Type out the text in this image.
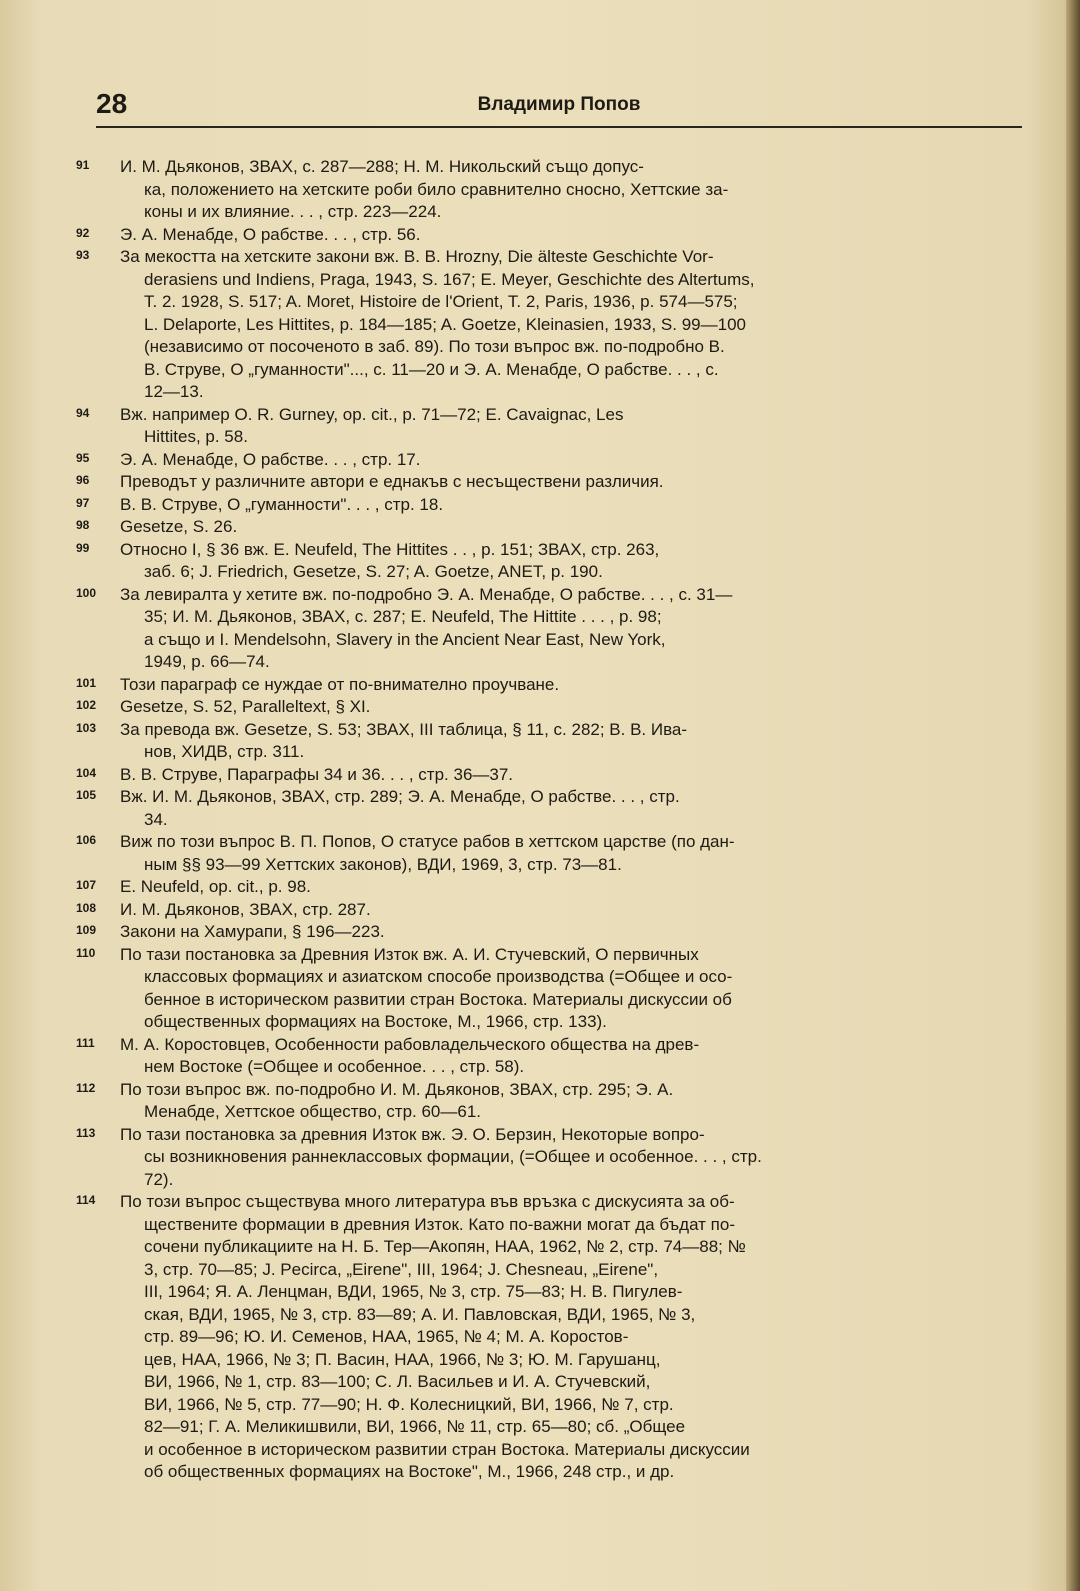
28	Владимир Попов
91	И. М. Дьяконов, ЗВАХ, с. 287—288; Н. М. Никольский също допус-
ка, положението на хетските роби било сравнително сносно, Хеттские за-
коны и их влияние. . . , стр. 223—224.
92	Э. А. Менабде, О рабстве. . . , стр. 56.
93	За мекостта на хетските закони вж. В. В. Hrozny, Die älteste Geschichte Vor-
derasiens und Indiens, Praga, 1943, S. 167; E. Meyer, Geschichte des Altertums,
T. 2. 1928, S. 517; A. Moret, Histoire de l'Orient, T. 2, Paris, 1936, p. 574—575;
L. Delaporte, Les Hittites, p. 184—185; A. Goetze, Kleinasien, 1933, S. 99—100
(независимо от посоченото в заб. 89). По този въпрос вж. по-подробно В.
В. Струве, О „гуманности"..., с. 11—20 и Э. А. Менабде, О рабстве. . . , с.
12—13.
94	Вж. например O. R. Gurney, op. cit., p. 71—72; E. Cavaignac, Les
Hittites, p. 58.
95	Э. А. Менабде, О рабстве. . . , стр. 17.
96	Преводът у различните автори е еднакъв с несъществени различия.
97	В. В. Струве, О „гуманности". . . , стр. 18.
98	Gesetze, S. 26.
99	Относно I, § 36 вж. E. Neufeld, The Hittites . . , p. 151; ЗВАХ, стр. 263,
заб. 6; J. Friedrich, Gesetze, S. 27; A. Goetze, ANET, p. 190.
100	За левиралта у хетите вж. по-подробно Э. А. Менабде, О рабстве. . . , с. 31—
35; И. М. Дьяконов, ЗВАХ, с. 287; E. Neufeld, The Hittite . . . , p. 98;
а също и I. Mendelsohn, Slavery in the Ancient Near East, New York,
1949, p. 66—74.
101	Този параграф се нуждае от по-внимателно проучване.
102	Gesetze, S. 52, Paralleltext, § XI.
103	За превода вж. Gesetze, S. 53; ЗВАХ, III таблица, § 11, с. 282; В. В. Ива-
нов, ХИДВ, стр. 311.
104	В. В. Струве, Параграфы 34 и 36. . . , стр. 36—37.
105	Вж. И. М. Дьяконов, ЗВАХ, стр. 289; Э. А. Менабде, О рабстве. . . , стр.
34.
106	Виж по този въпрос В. П. Попов, О статусе рабов в хеттском царстве (по дан-
ным §§ 93—99 Хеттских законов), ВДИ, 1969, 3, стр. 73—81.
107	E. Neufeld, op. cit., p. 98.
108	И. М. Дьяконов, ЗВАХ, стр. 287.
109	Закони на Хамурапи, § 196—223.
110	По тази постановка за Древния Изток вж. А. И. Стучевский, О первичных
классовых формациях и азиатском способе производства (=Общее и осо-
бенное в историческом развитии стран Востока. Материалы дискуссии об
общественных формациях на Востоке, М., 1966, стр. 133).
111	М. А. Коростовцев, Особенности рабовладельческого общества на древ-
нем Востоке (=Общее и особенное. . . , стр. 58).
112	По този въпрос вж. по-подробно И. М. Дьяконов, ЗВАХ, стр. 295; Э. А.
Менабде, Хеттское общество, стр. 60—61.
113	По тази постановка за древния Изток вж. Э. О. Берзин, Некоторые вопро-
сы возникновения раннеклассовых формации, (=Общее и особенное. . . , стр.
72).
114	По този въпрос съществува много литература във връзка с дискусията за об-
ществените формации в древния Изток. Като по-важни могат да бъдат по-
сочени публикациите на Н. Б. Тер—Акопян, НАА, 1962, № 2, стр. 74—88; №
3, стр. 70—85; J. Pecirca, „Eirene", III, 1964; J. Chesneau, „Eirene",
III, 1964; Я. А. Ленцман, ВДИ, 1965, № 3, стр. 75—83; Н. В. Пигулев-
ская, ВДИ, 1965, № 3, стр. 83—89; А. И. Павловская, ВДИ, 1965, № 3,
стр. 89—96; Ю. И. Семенов, НАА, 1965, № 4; М. А. Коростов-
цев, НАА, 1966, № 3; П. Васин, НАА, 1966, № 3; Ю. М. Гарушанц,
ВИ, 1966, № 1, стр. 83—100; С. Л. Васильев и И. А. Стучевский,
ВИ, 1966, № 5, стр. 77—90; Н. Ф. Колесницкий, ВИ, 1966, № 7, стр.
82—91; Г. А. Меликишвили, ВИ, 1966, № 11, стр. 65—80; сб. „Общее
и особенное в историческом развитии стран Востока. Материалы дискуссии
об общественных формациях на Востоке", М., 1966, 248 стр., и др.
